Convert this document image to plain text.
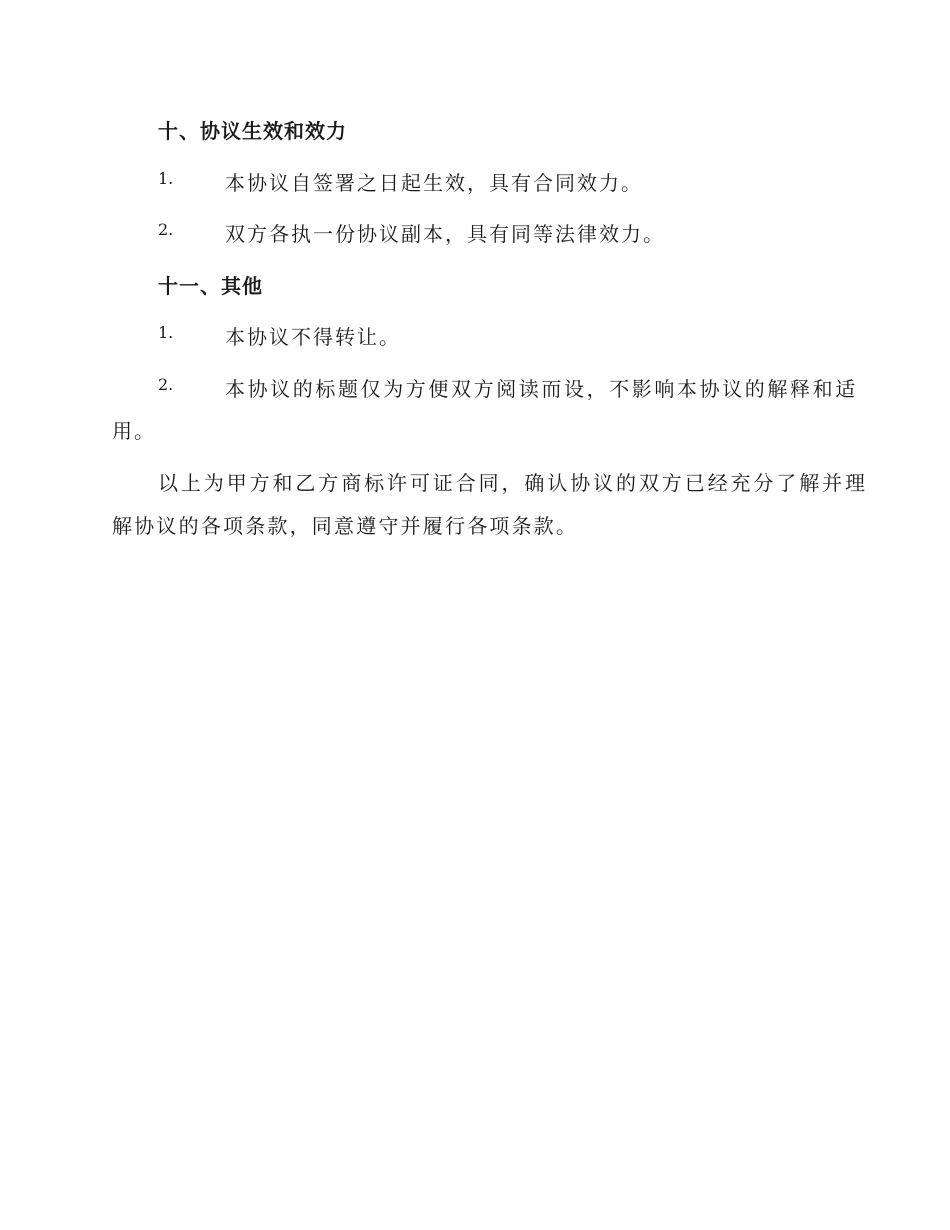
十、协议生效和效力
1.	本协议自签署之日起生效，具有合同效力。
2.	双方各执一份协议副本，具有同等法律效力。
十一、其他
1.	本协议不得转让。
2.	本协议的标题仅为方便双方阅读而设，不影响本协议的解释和适
用。
以上为甲方和乙方商标许可证合同，确认协议的双方已经充分了解并理
解协议的各项条款，同意遵守并履行各项条款。
